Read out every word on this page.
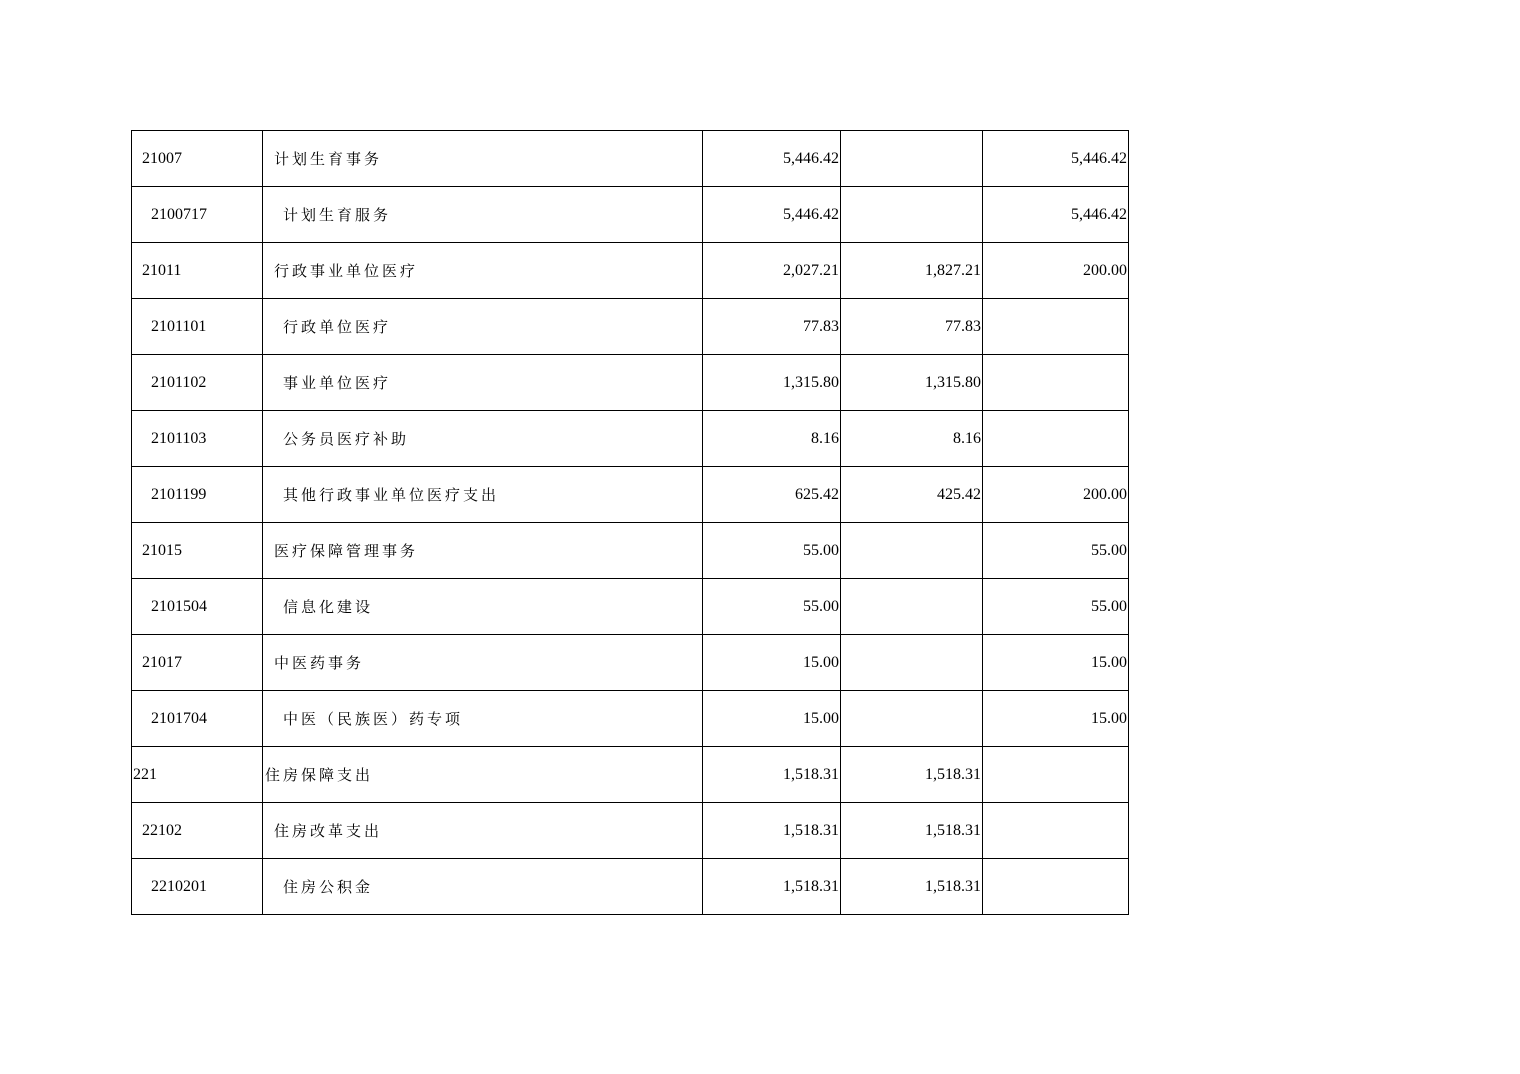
21007	计划生育事务	5,446.42		5,446.42
2100717	计划生育服务	5,446.42		5,446.42
21011	行政事业单位医疗	2,027.21	1,827.21	200.00
2101101	行政单位医疗	77.83	77.83	
2101102	事业单位医疗	1,315.80	1,315.80	
2101103	公务员医疗补助	8.16	8.16	
2101199	其他行政事业单位医疗支出	625.42	425.42	200.00
21015	医疗保障管理事务	55.00		55.00
2101504	信息化建设	55.00		55.00
21017	中医药事务	15.00		15.00
2101704	中医（民族医）药专项	15.00		15.00
221	住房保障支出	1,518.31	1,518.31	
22102	住房改革支出	1,518.31	1,518.31	
2210201	住房公积金	1,518.31	1,518.31	
